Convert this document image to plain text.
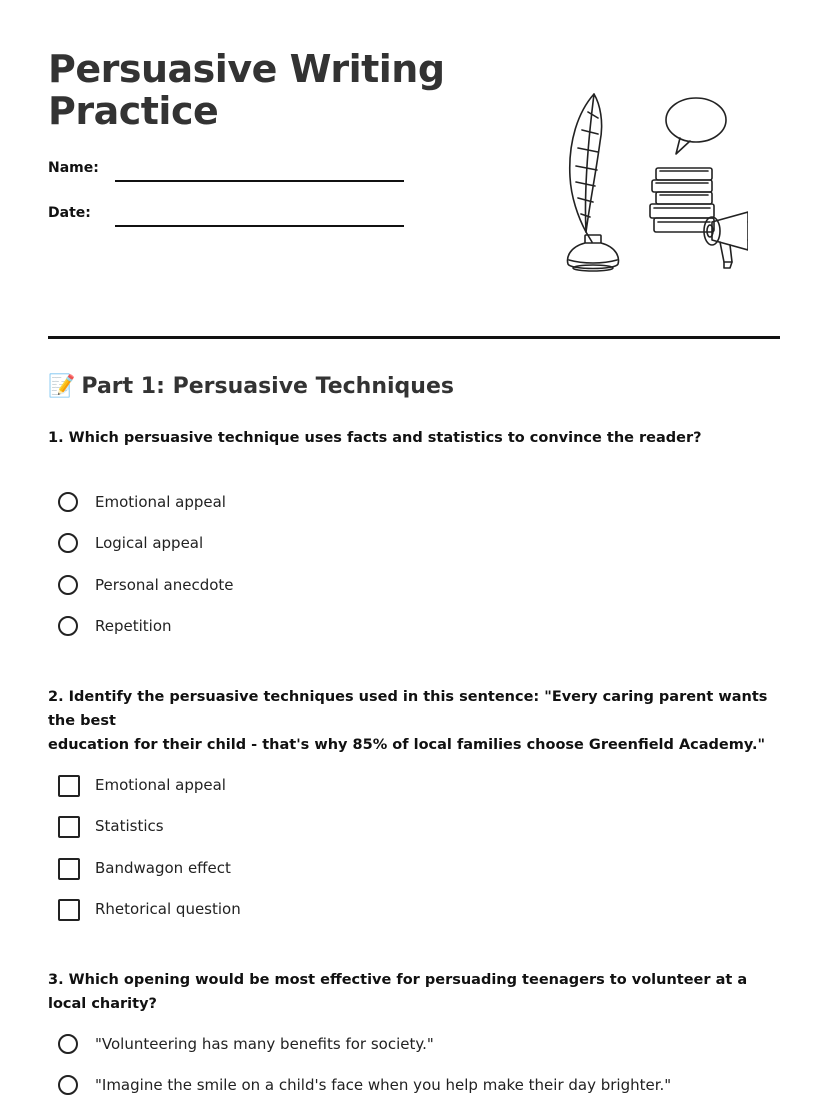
Persuasive Writing
Practice
Name:
Date:
📝 Part 1: Persuasive Techniques

1. Which persuasive technique uses facts and statistics to convince the reader?

Emotional appeal
Logical appeal
Personal anecdote
Repetition

2. Identify the persuasive techniques used in this sentence: "Every caring parent wants the best
education for their child - that's why 85% of local families choose Greenfield Academy."

Emotional appeal
Statistics
Bandwagon effect
Rhetorical question

3. Which opening would be most effective for persuading teenagers to volunteer at a local charity?

"Volunteering has many benefits for society."
"Imagine the smile on a child's face when you help make their day brighter."
